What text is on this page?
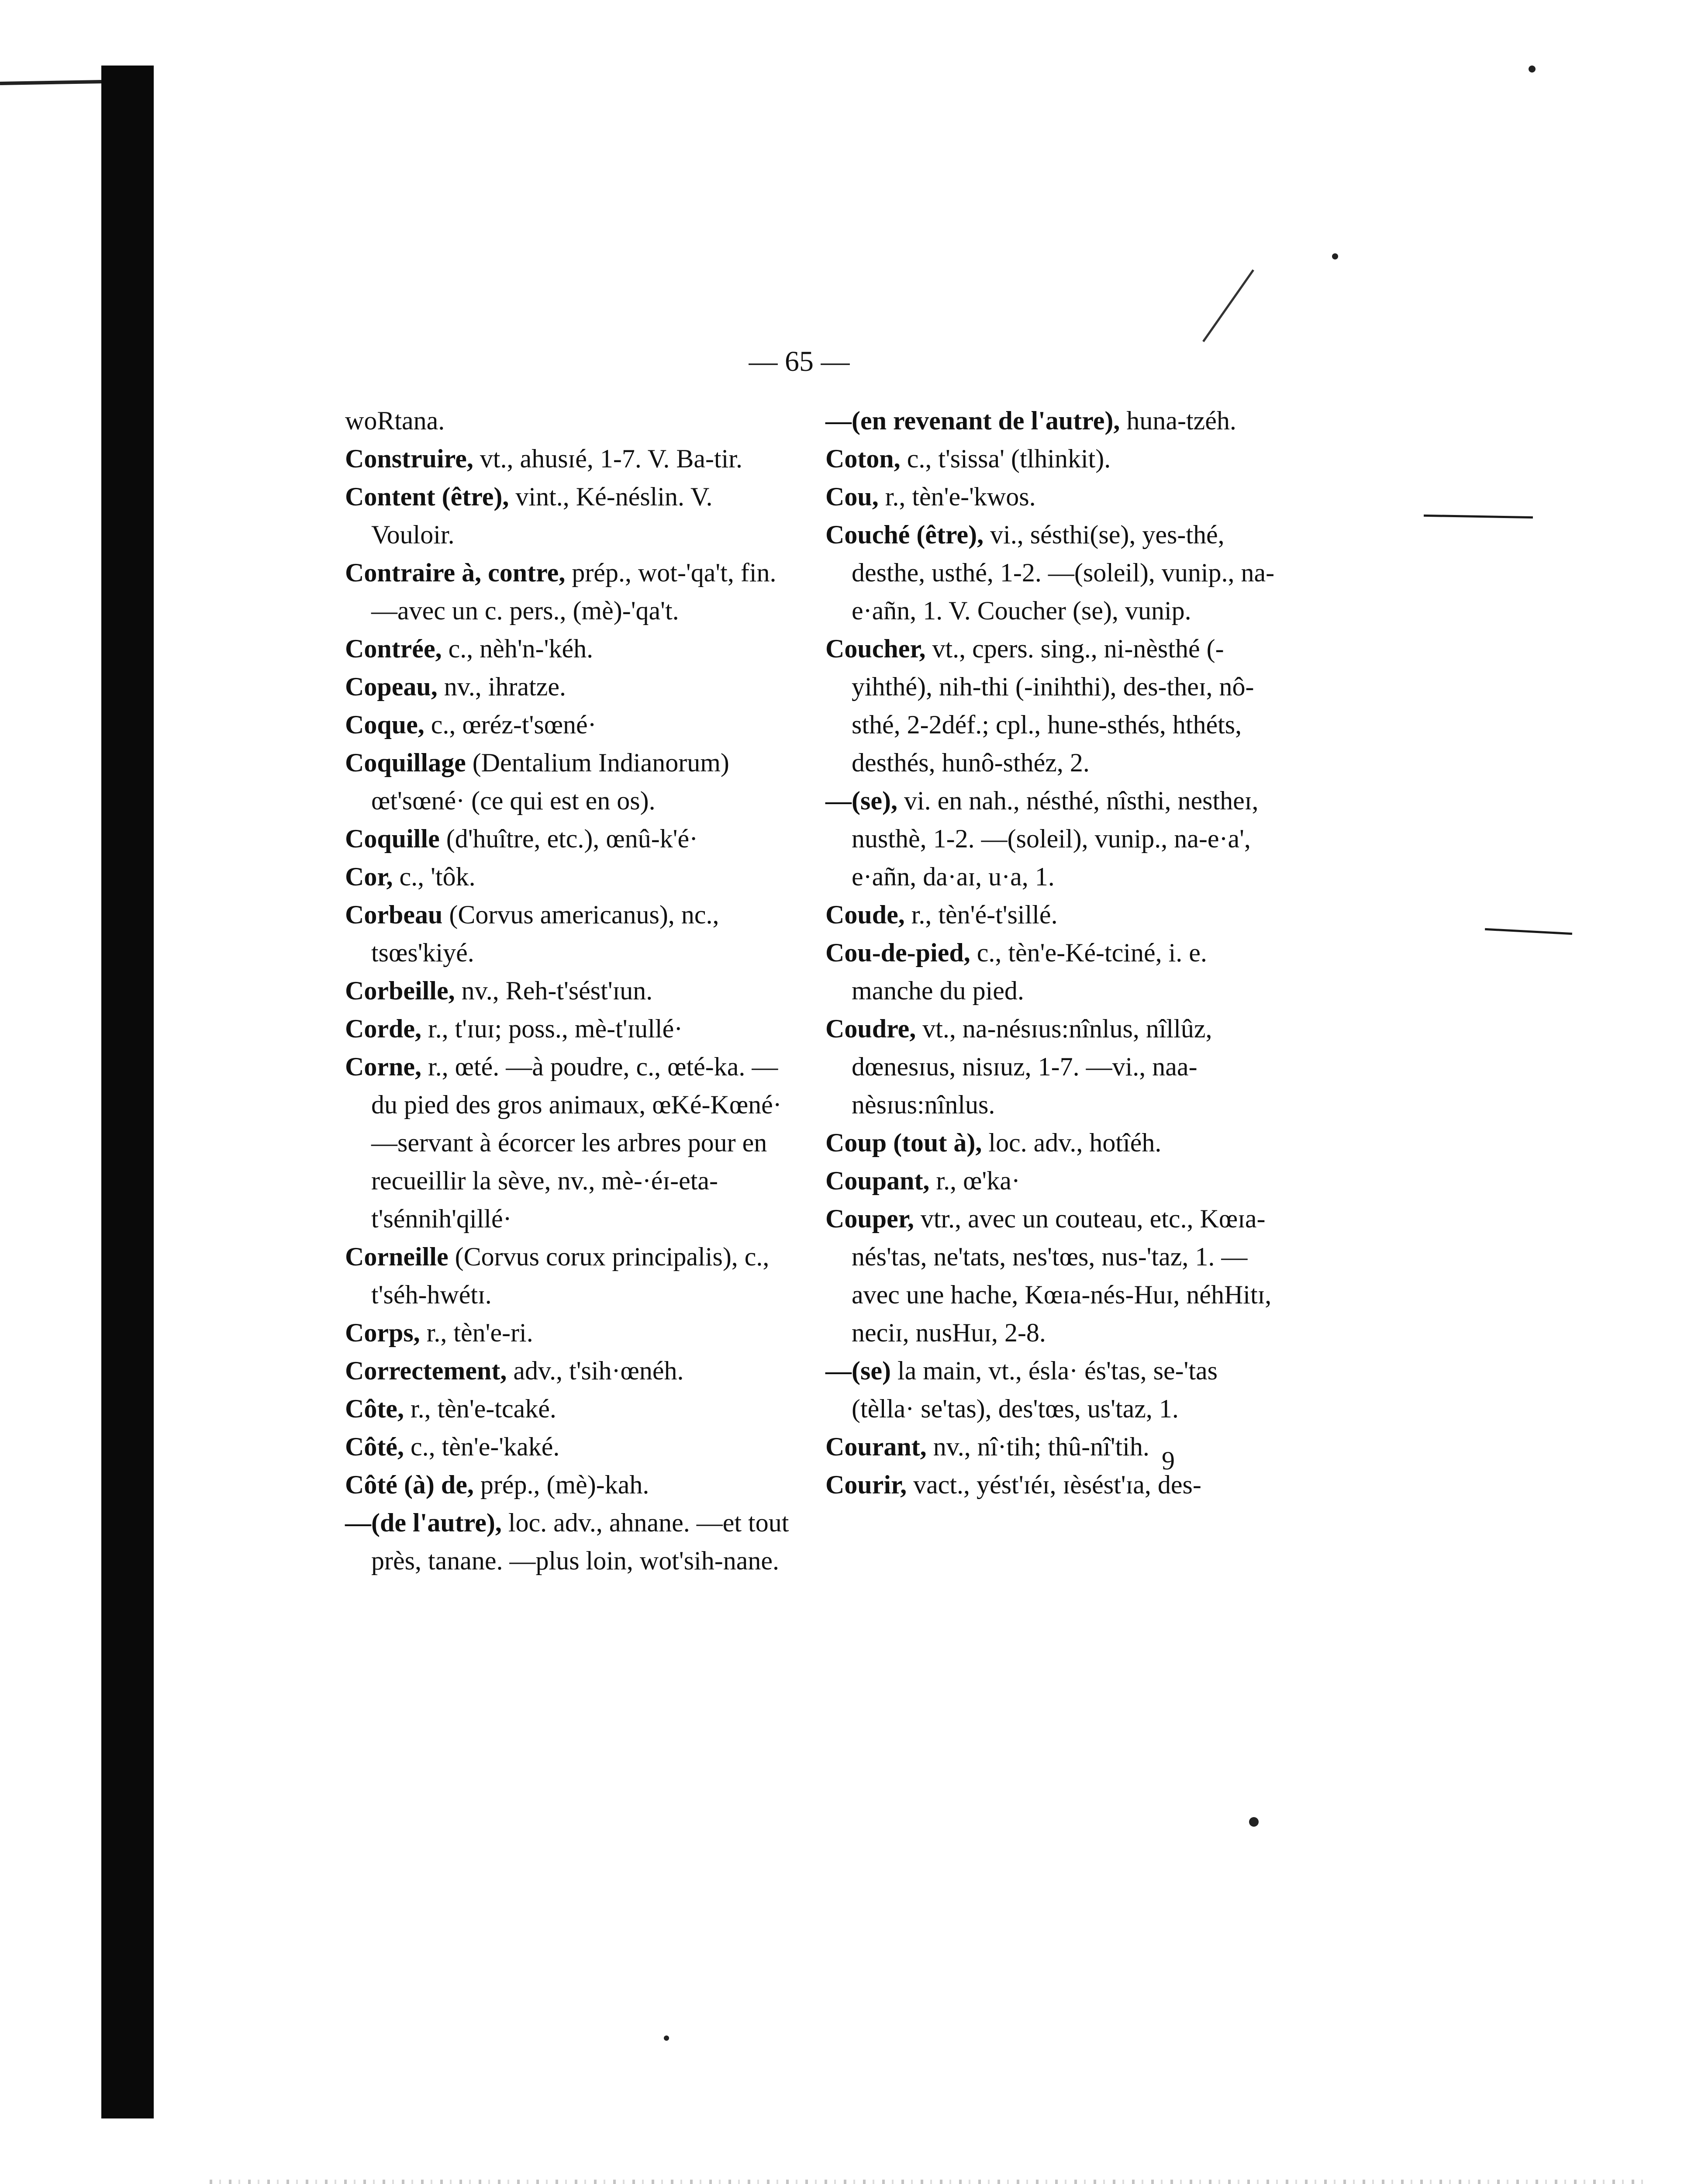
— 65 —
woRtana.
Construire, vt., ahusɪé, 1-7. V. Ba-tir.
Content (être), vint., Ké-néslin. V. Vouloir.
Contraire à, contre, prép., wot-'qa't, fin. —avec un c. pers., (mè)-'qa't.
Contrée, c., nèh'n-'kéh.
Copeau, nv., ihratze.
Coque, c., œréz-t'sœné·
Coquillage (Dentalium Indianorum) œt'sœné· (ce qui est en os).
Coquille (d'huître, etc.), œnû-k'é·
Cor, c., 'tôk.
Corbeau (Corvus americanus), nc., tsœs'kiyé.
Corbeille, nv., Reh-t'sést'ɪun.
Corde, r., t'ɪuɪ; poss., mè-t'ɪullé·
Corne, r., œté. —à poudre, c., œté-ka. —du pied des gros animaux, œKé-Kœné· —servant à écorcer les arbres pour en recueillir la sève, nv., mè-·éɪ-eta-t'sénnih'qillé·
Corneille (Corvus corux principalis), c., t'séh-hwétɪ.
Corps, r., tèn'e-ri.
Correctement, adv., t'sih·œnéh.
Côte, r., tèn'e-tcaké.
Côté, c., tèn'e-'kaké.
Côté (à) de, prép., (mè)-kah.
—(de l'autre), loc. adv., ahnane. —et tout près, tanane. —plus loin, wot'sih-nane.
—(en revenant de l'autre), huna-tzéh.
Coton, c., t'sissa' (tlhinkit).
Cou, r., tèn'e-'kwos.
Couché (être), vi., sésthi(se), yes-thé, desthe, usthé, 1-2. —(soleil), vunip., na-e·añn, 1. V. Coucher (se), vunip.
Coucher, vt., cpers. sing., ni-nèsthé (-yihthé), nih-thi (-inihthi), des-theɪ, nô-sthé, 2-2déf.; cpl., hune-sthés, hthéts, desthés, hunô-sthéz, 2.
—(se), vi. en nah., nésthé, nîsthi, nestheɪ, nusthè, 1-2. —(soleil), vunip., na-e·a', e·añn, da·aɪ, u·a, 1.
Coude, r., tèn'é-t'sillé.
Cou-de-pied, c., tèn'e-Ké-tciné, i. e. manche du pied.
Coudre, vt., na-nésɪus:nînlus, nîllûz, dœnesɪus, nisɪuz, 1-7. —vi., naa-nèsɪus:nînlus.
Coup (tout à), loc. adv., hotîéh.
Coupant, r., œ'ka·
Couper, vtr., avec un couteau, etc., Kœɪa-nés'tas, ne'tats, nes'tœs, nus-'taz, 1. —avec une hache, Kœɪa-nés-Huɪ, néhHitɪ, neciɪ, nusHuɪ, 2-8.
—(se) la main, vt., ésla· és'tas, se-'tas (tèlla· se'tas), des'tœs, us'taz, 1.
Courant, nv., nî·tih; thû-nî'tih.
Courir, vact., yést'ɪéɪ, ɪèsést'ɪa, des-
9
